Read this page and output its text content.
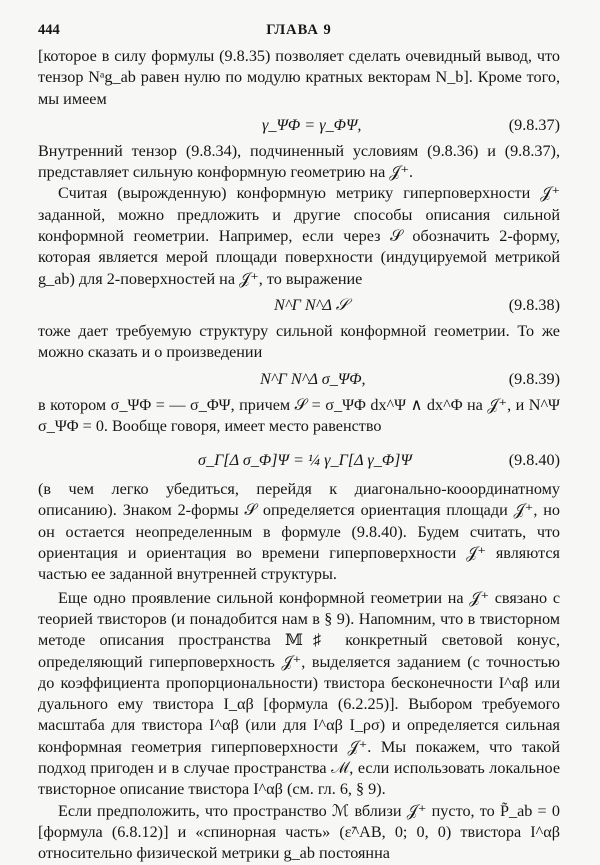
444	ГЛАВА 9

[которое в силу формулы (9.8.35) позволяет сделать очевидный вывод, что тензор Nᵃg_ab равен нулю по модулю кратных векторам N_b]. Кроме того, мы имеем

γ_ΨΦ = γ_ΦΨ,	(9.8.37)

Внутренний тензор (9.8.34), подчиненный условиям (9.8.36) и (9.8.37), представляет сильную конформную геометрию на 𝒥⁺.

Считая (вырожденную) конформную метрику гиперповерхности 𝒥⁺ заданной, можно предложить и другие способы описания сильной конформной геометрии. Например, если через 𝒮 обозначить 2-форму, которая является мерой площади поверхности (индуцируемой метрикой g_ab) для 2-поверхностей на 𝒥⁺, то выражение

N^Γ N^Δ 𝒮	(9.8.38)

тоже дает требуемую структуру сильной конформной геометрии. То же можно сказать и о произведении

N^Γ N^Δ σ_ΨΦ,	(9.8.39)

в котором σ_ΨΦ = — σ_ΦΨ, причем 𝒮 = σ_ΨΦ dx^Ψ ∧ dx^Φ на 𝒥⁺, и N^Ψ σ_ΨΦ = 0. Вообще говоря, имеет место равенство

σ_Γ[Δ σ_Φ]Ψ = ¼ γ_Γ[Δ γ_Φ]Ψ	(9.8.40)

(в чем легко убедиться, перейдя к диагонально-кооординатному описанию). Знаком 2-формы 𝒮 определяется ориентация площади 𝒥⁺, но он остается неопределенным в формуле (9.8.40). Будем считать, что ориентация и ориентация во времени гиперповерхности 𝒥⁺ являются частью ее заданной внутренней структуры.

Еще одно проявление сильной конформной геометрии на 𝒥⁺ связано с теорией твисторов (и понадобится нам в § 9). Напомним, что в твисторном методе описания пространства 𝕄♯ конкретный световой конус, определяющий гиперповерхность 𝒥⁺, выделяется заданием (с точностью до коэффициента пропорциональности) твистора бесконечности I^αβ или дуального ему твистора I_αβ [формула (6.2.25)]. Выбором требуемого масштаба для твистора I^αβ (или для I^αβ I_ρσ) и определяется сильная конформная геометрия гиперповерхности 𝒥⁺. Мы покажем, что такой подход пригоден и в случае пространства ℳ, если использовать локальное твисторное описание твистора I^αβ (см. гл. 6, § 9).

Если предположить, что пространство ℳ вблизи 𝒥⁺ пусто, то P̃_ab = 0 [формула (6.8.12)] и «спинорная часть» (ε̃^AB, 0; 0, 0) твистора I^αβ относительно физической метрики g_ab постоянна
